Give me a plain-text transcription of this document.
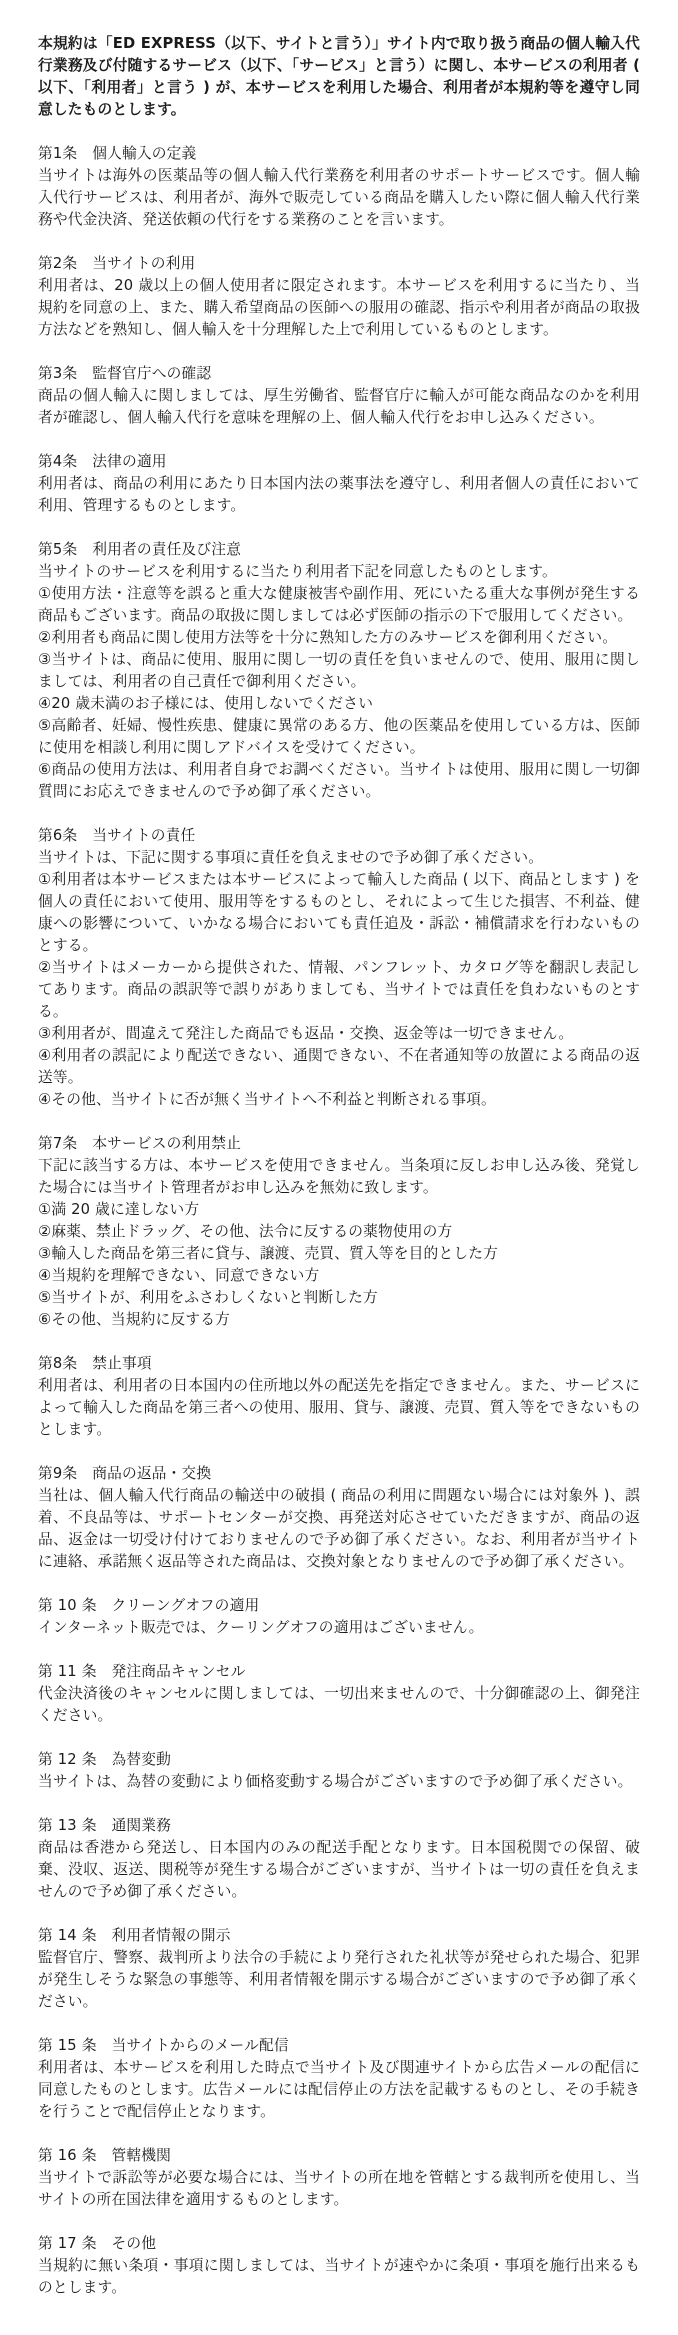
本規約は「ED EXPRESS（以下、サイトと言う）」サイト内で取り扱う商品の個人輸入代行業務及び付随するサービス（以下、「サービス」と言う）に関し、本サービスの利用者 ( 以下、「利用者」と言う ) が、本サービスを利用した場合、利用者が本規約等を遵守し同意したものとします。

第1条　個人輸入の定義

当サイトは海外の医薬品等の個人輸入代行業務を利用者のサポートサービスです。個人輸入代行サービスは、利用者が、海外で販売している商品を購入したい際に個人輸入代行業務や代金決済、発送依頼の代行をする業務のことを言います。

第2条　当サイトの利用

利用者は、20 歳以上の個人使用者に限定されます。本サービスを利用するに当たり、当規約を同意の上、また、購入希望商品の医師への服用の確認、指示や利用者が商品の取扱方法などを熟知し、個人輸入を十分理解した上で利用しているものとします。

第3条　監督官庁への確認

商品の個人輸入に関しましては、厚生労働省、監督官庁に輸入が可能な商品なのかを利用者が確認し、個人輸入代行を意味を理解の上、個人輸入代行をお申し込みください。

第4条　法律の適用

利用者は、商品の利用にあたり日本国内法の薬事法を遵守し、利用者個人の責任において利用、管理するものとします。

第5条　利用者の責任及び注意

当サイトのサービスを利用するに当たり利用者下記を同意したものとします。

①使用方法・注意等を誤ると重大な健康被害や副作用、死にいたる重大な事例が発生する商品もございます。商品の取扱に関しましては必ず医師の指示の下で服用してください。

②利用者も商品に関し使用方法等を十分に熟知した方のみサービスを御利用ください。

③当サイトは、商品に使用、服用に関し一切の責任を負いませんので、使用、服用に関しましては、利用者の自己責任で御利用ください。

④20 歳未満のお子様には、使用しないでください

⑤高齢者、妊婦、慢性疾患、健康に異常のある方、他の医薬品を使用している方は、医師に使用を相談し利用に関しアドバイスを受けてください。

⑥商品の使用方法は、利用者自身でお調べください。当サイトは使用、服用に関し一切御質問にお応えできませんので予め御了承ください。

第6条　当サイトの責任

当サイトは、下記に関する事項に責任を負えませので予め御了承ください。

①利用者は本サービスまたは本サービスによって輸入した商品 ( 以下、商品とします ) を個人の責任において使用、服用等をするものとし、それによって生じた損害、不利益、健康への影響について、いかなる場合においても責任追及・訴訟・補償請求を行わないものとする。

②当サイトはメーカーから提供された、情報、パンフレット、カタログ等を翻訳し表記してあります。商品の誤訳等で誤りがありましても、当サイトでは責任を負わないものとする。

③利用者が、間違えて発注した商品でも返品・交換、返金等は一切できません。

④利用者の誤記により配送できない、通関できない、不在者通知等の放置による商品の返送等。

④その他、当サイトに否が無く当サイトへ不利益と判断される事項。

第7条　本サービスの利用禁止

下記に該当する方は、本サービスを使用できません。当条項に反しお申し込み後、発覚した場合には当サイト管理者がお申し込みを無効に致します。

①満 20 歳に達しない方

②麻薬、禁止ドラッグ、その他、法令に反するの薬物使用の方

③輸入した商品を第三者に貸与、譲渡、売買、質入等を目的とした方

④当規約を理解できない、同意できない方

⑤当サイトが、利用をふさわしくないと判断した方

⑥その他、当規約に反する方

第8条　禁止事項

利用者は、利用者の日本国内の住所地以外の配送先を指定できません。また、サービスによって輸入した商品を第三者への使用、服用、貸与、譲渡、売買、質入等をできないものとします。

第9条　商品の返品・交換

当社は、個人輸入代行商品の輸送中の破損 ( 商品の利用に問題ない場合には対象外 )、誤着、不良品等は、サポートセンターが交換、再発送対応させていただきますが、商品の返品、返金は一切受け付けておりませんので予め御了承ください。なお、利用者が当サイトに連絡、承諾無く返品等された商品は、交換対象となりませんので予め御了承ください。

第 10 条　クリーングオフの適用

インターネット販売では、クーリングオフの適用はございません。

第 11 条　発注商品キャンセル

代金決済後のキャンセルに関しましては、一切出来ませんので、十分御確認の上、御発注ください。

第 12 条　為替変動

当サイトは、為替の変動により価格変動する場合がございますので予め御了承ください。

第 13 条　通関業務

商品は香港から発送し、日本国内のみの配送手配となります。日本国税関での保留、破棄、没収、返送、関税等が発生する場合がございますが、当サイトは一切の責任を負えませんので予め御了承ください。

第 14 条　利用者情報の開示

監督官庁、警察、裁判所より法令の手続により発行された礼状等が発せられた場合、犯罪が発生しそうな緊急の事態等、利用者情報を開示する場合がございますので予め御了承ください。

第 15 条　当サイトからのメール配信

利用者は、本サービスを利用した時点で当サイト及び関連サイトから広告メールの配信に同意したものとします。広告メールには配信停止の方法を記載するものとし、その手続きを行うことで配信停止となります。

第 16 条　管轄機関

当サイトで訴訟等が必要な場合には、当サイトの所在地を管轄とする裁判所を使用し、当サイトの所在国法律を適用するものとします。

第 17 条　その他

当規約に無い条項・事項に関しましては、当サイトが速やかに条項・事項を施行出来るものとします。
